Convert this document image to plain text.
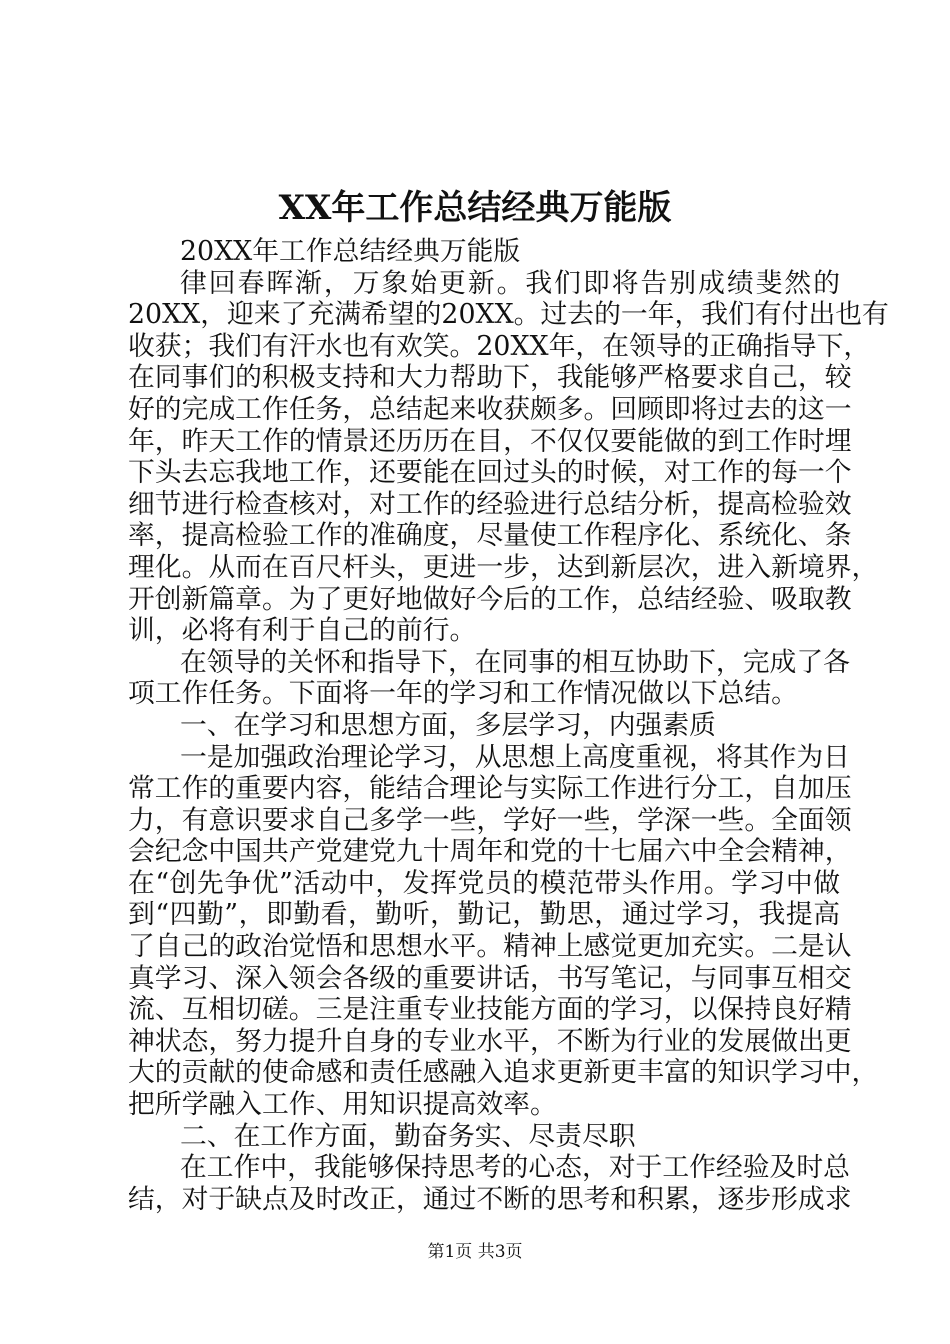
XX年工作总结经典万能版
20XX年工作总结经典万能版
律回春晖渐，万象始更新。我们即将告别成绩斐然的
20XX，迎来了充满希望的20XX。过去的一年，我们有付出也有
收获；我们有汗水也有欢笑。20XX年，在领导的正确指导下，
在同事们的积极支持和大力帮助下，我能够严格要求自己，较
好的完成工作任务，总结起来收获颇多。回顾即将过去的这一
年，昨天工作的情景还历历在目，不仅仅要能做的到工作时埋
下头去忘我地工作，还要能在回过头的时候，对工作的每一个
细节进行检查核对，对工作的经验进行总结分析，提高检验效
率，提高检验工作的准确度，尽量使工作程序化、系统化、条
理化。从而在百尺杆头，更进一步，达到新层次，进入新境界，
开创新篇章。为了更好地做好今后的工作，总结经验、吸取教
训，必将有利于自己的前行。
在领导的关怀和指导下，在同事的相互协助下，完成了各
项工作任务。下面将一年的学习和工作情况做以下总结。
一、在学习和思想方面，多层学习，内强素质
一是加强政治理论学习，从思想上高度重视，将其作为日
常工作的重要内容，能结合理论与实际工作进行分工，自加压
力，有意识要求自己多学一些，学好一些，学深一些。全面领
会纪念中国共产党建党九十周年和党的十七届六中全会精神，
在“创先争优”活动中，发挥党员的模范带头作用。学习中做
到“四勤”，即勤看，勤听，勤记，勤思，通过学习，我提高
了自己的政治觉悟和思想水平。精神上感觉更加充实。二是认
真学习、深入领会各级的重要讲话，书写笔记，与同事互相交
流、互相切磋。三是注重专业技能方面的学习，以保持良好精
神状态，努力提升自身的专业水平，不断为行业的发展做出更
大的贡献的使命感和责任感融入追求更新更丰富的知识学习中，
把所学融入工作、用知识提高效率。
二、在工作方面，勤奋务实、尽责尽职
在工作中，我能够保持思考的心态，对于工作经验及时总
结，对于缺点及时改正，通过不断的思考和积累，逐步形成求
第1页 共3页
